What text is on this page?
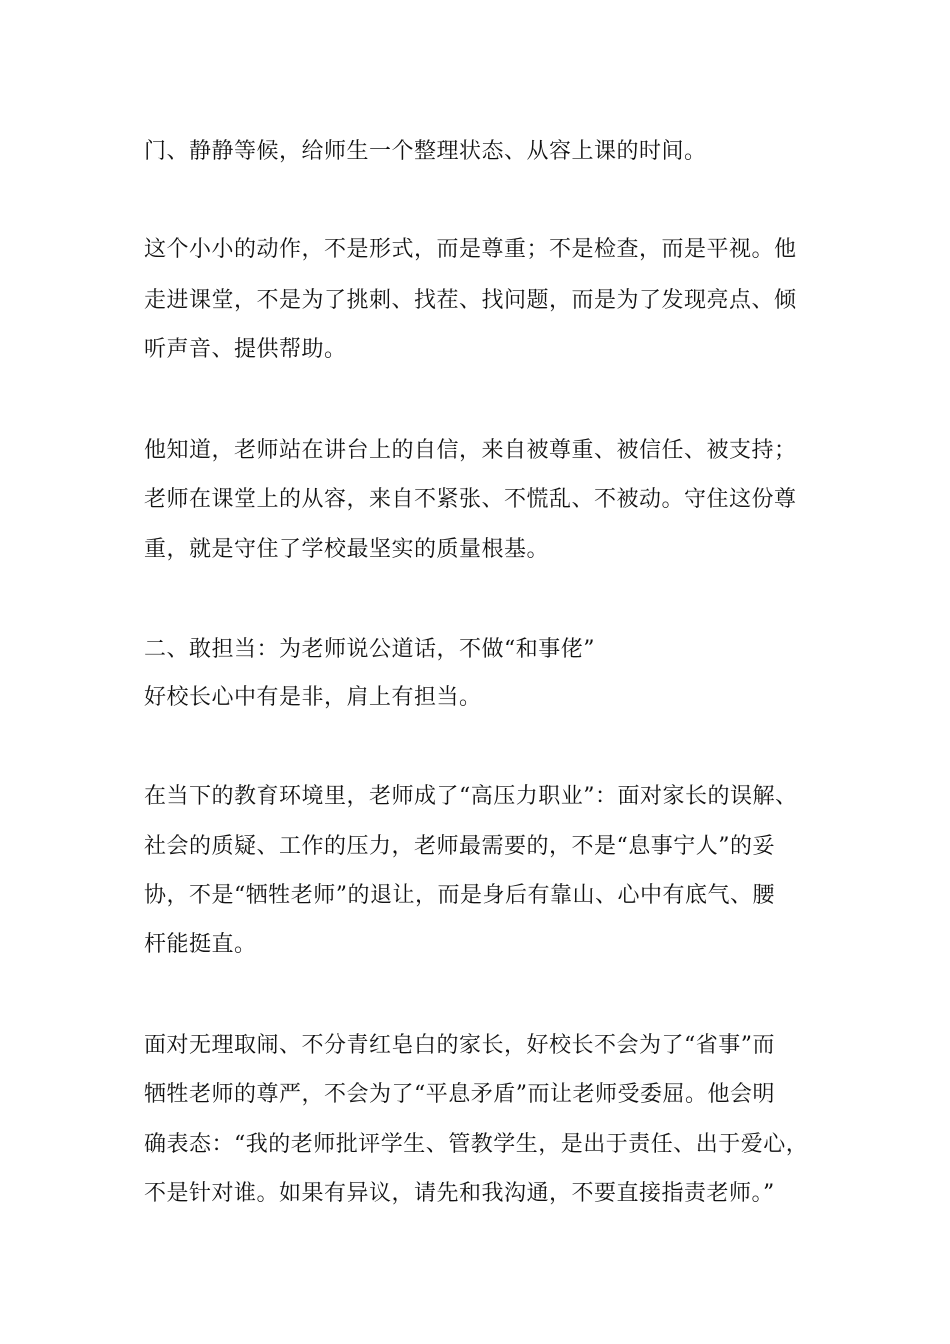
门、静静等候，给师生一个整理状态、从容上课的时间。
这个小小的动作，不是形式，而是尊重；不是检查，而是平视。他
走进课堂，不是为了挑刺、找茬、找问题，而是为了发现亮点、倾
听声音、提供帮助。
他知道，老师站在讲台上的自信，来自被尊重、被信任、被支持；
老师在课堂上的从容，来自不紧张、不慌乱、不被动。守住这份尊
重，就是守住了学校最坚实的质量根基。
二、敢担当：为老师说公道话，不做“和事佬”
好校长心中有是非，肩上有担当。
在当下的教育环境里，老师成了“高压力职业”：面对家长的误解、
社会的质疑、工作的压力，老师最需要的，不是“息事宁人”的妥
协，不是“牺牲老师”的退让，而是身后有靠山、心中有底气、腰
杆能挺直。
面对无理取闹、不分青红皂白的家长，好校长不会为了“省事”而
牺牲老师的尊严，不会为了“平息矛盾”而让老师受委屈。他会明
确表态：“我的老师批评学生、管教学生，是出于责任、出于爱心，
不是针对谁。如果有异议，请先和我沟通，不要直接指责老师。”
